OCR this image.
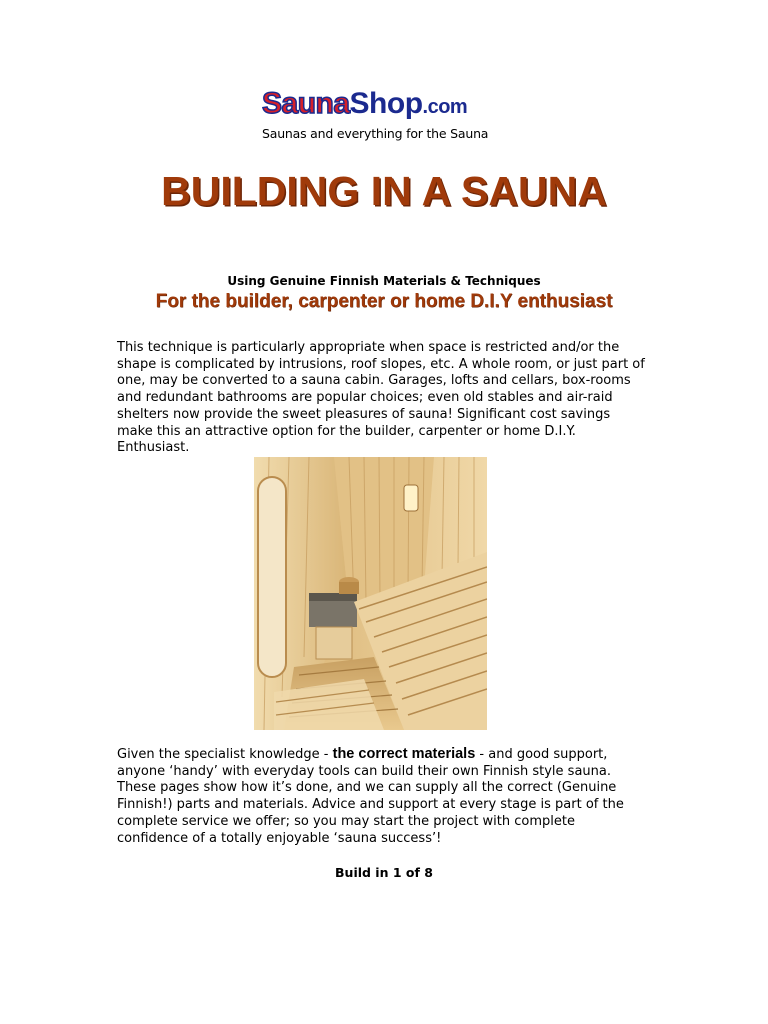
SaunaShop.com
Saunas and everything for the Sauna
BUILDING IN A SAUNA
Using Genuine Finnish Materials & Techniques
For the builder, carpenter or home D.I.Y enthusiast

This technique is particularly appropriate when space is restricted and/or the shape is complicated by intrusions, roof slopes, etc. A whole room, or just part of one, may be converted to a sauna cabin. Garages, lofts and cellars, box-rooms and redundant bathrooms are popular choices; even old stables and air-raid shelters now provide the sweet pleasures of sauna! Significant cost savings make this an attractive option for the builder, carpenter or home D.I.Y. Enthusiast.

Given the specialist knowledge - the correct materials - and good support, anyone ‘handy’ with everyday tools can build their own Finnish style sauna. These pages show how it’s done, and we can supply all the correct (Genuine Finnish!) parts and materials. Advice and support at every stage is part of the complete service we offer; so you may start the project with complete confidence of a totally enjoyable ‘sauna success’!

Build in 1 of 8
